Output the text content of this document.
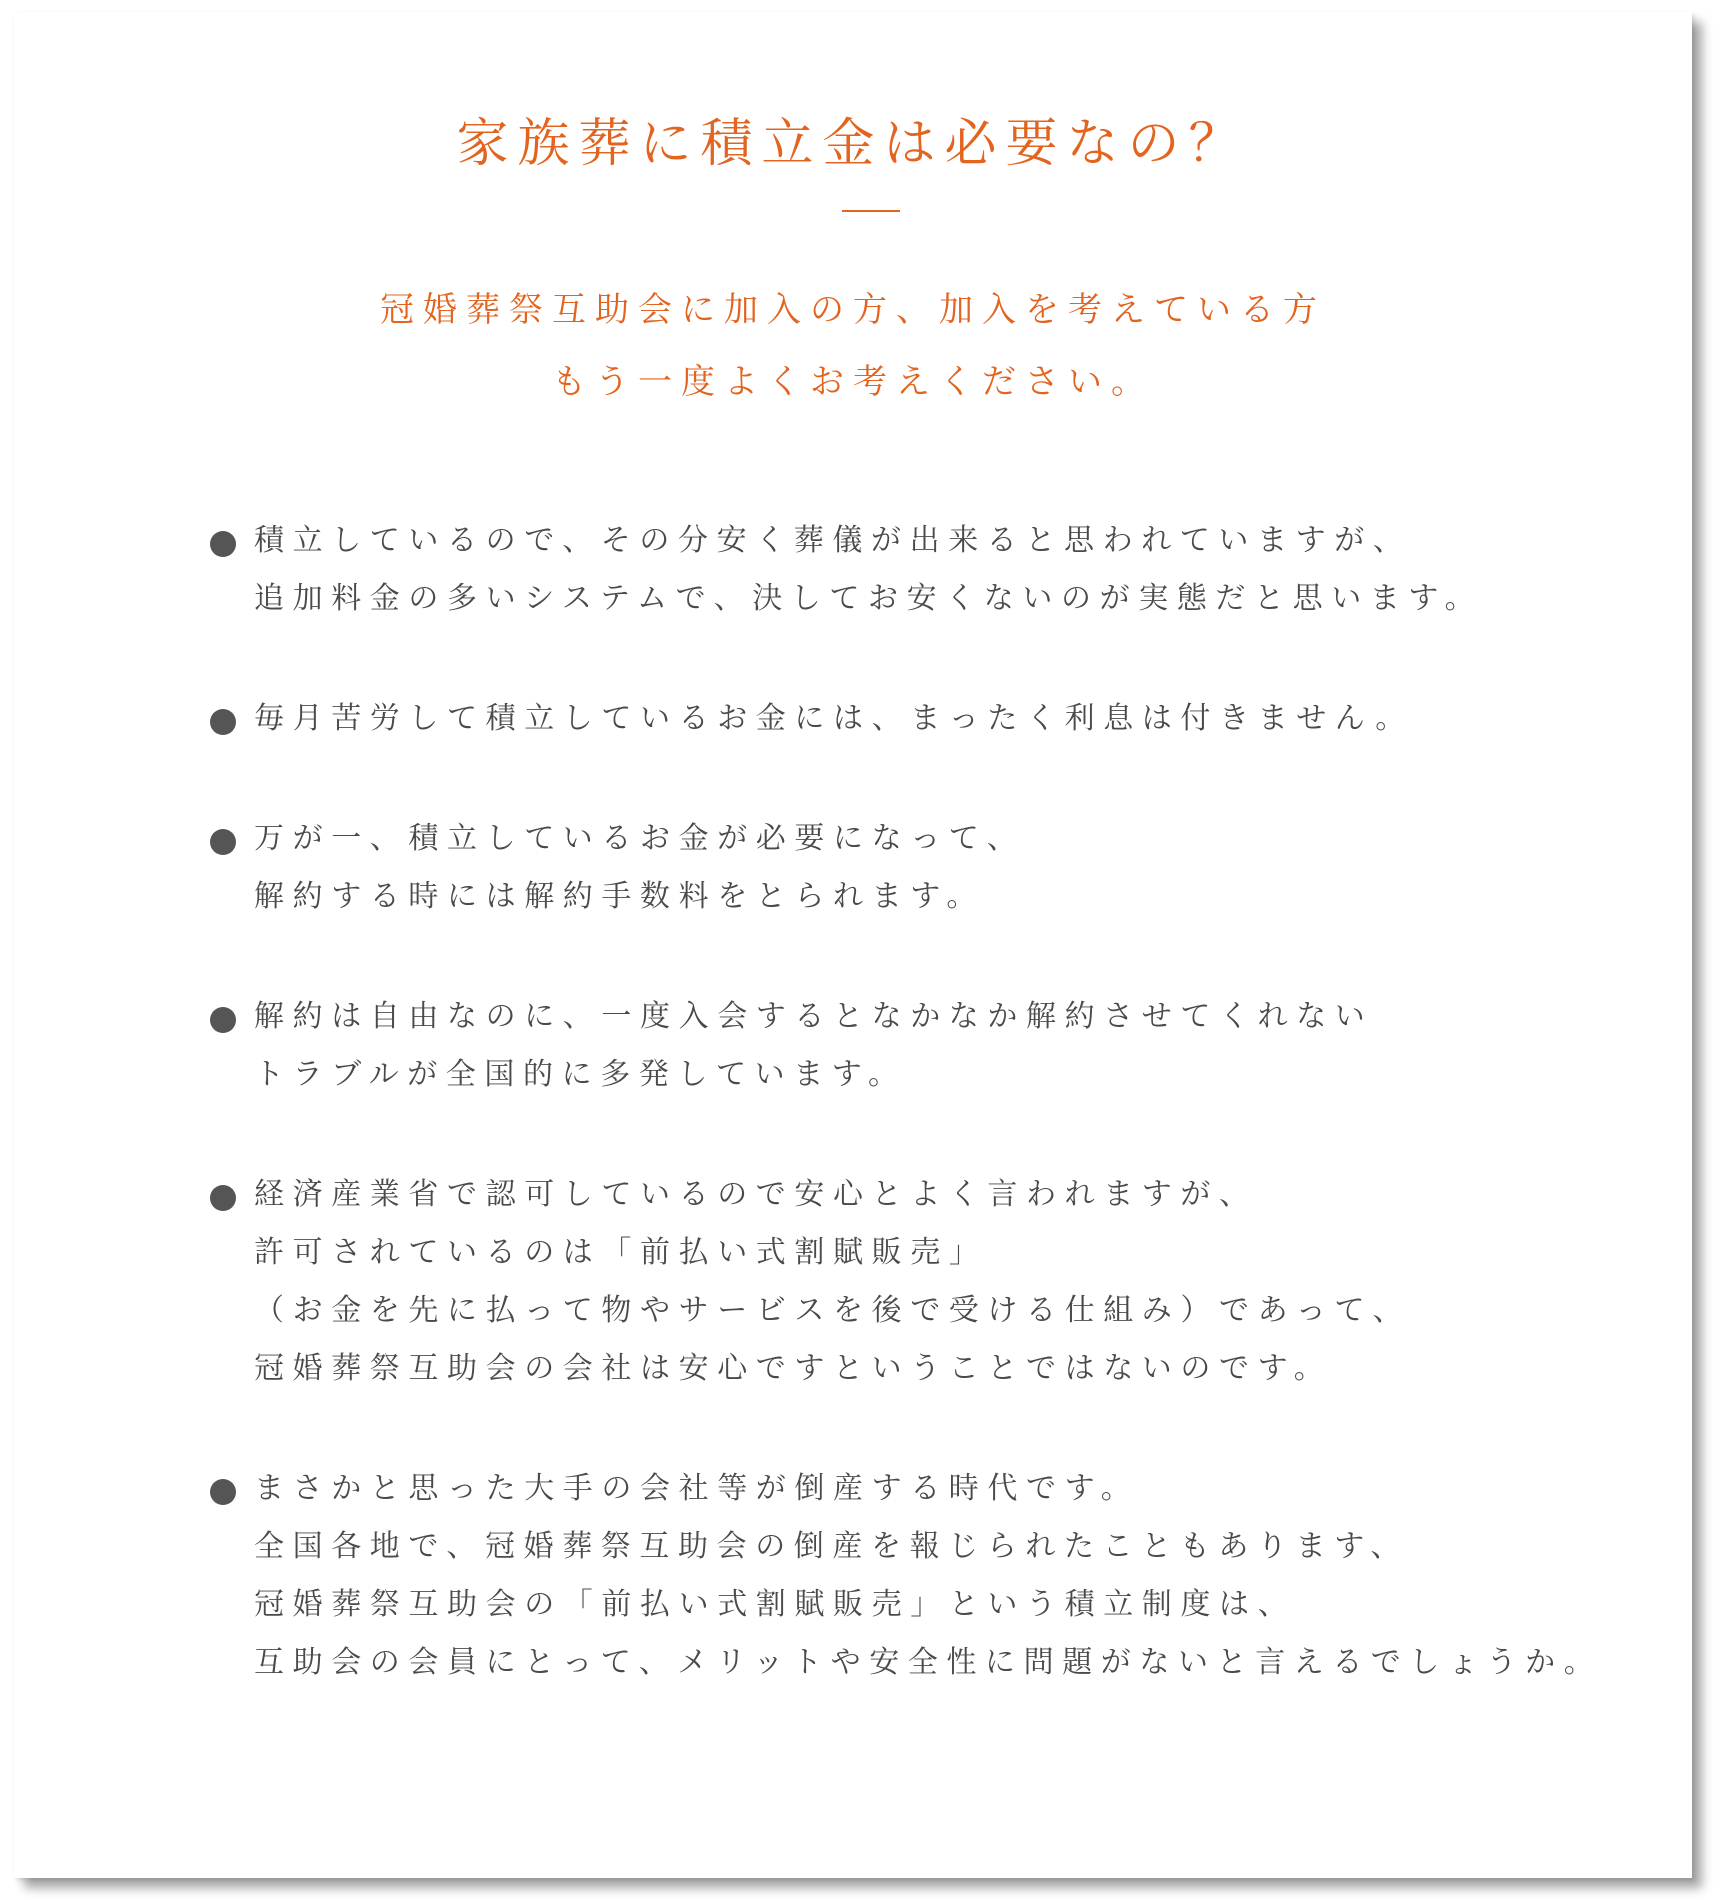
家族葬に積立金は必要なの？
冠婚葬祭互助会に加入の方、加入を考えている方
もう一度よくお考えください。
積立しているので、その分安く葬儀が出来ると思われていますが、
追加料金の多いシステムで、決してお安くないのが実態だと思います。
毎月苦労して積立しているお金には、まったく利息は付きません。
万が一、積立しているお金が必要になって、
解約する時には解約手数料をとられます。
解約は自由なのに、一度入会するとなかなか解約させてくれない
トラブルが全国的に多発しています。
経済産業省で認可しているので安心とよく言われますが、
許可されているのは「前払い式割賦販売」
（お金を先に払って物やサービスを後で受ける仕組み）であって、
冠婚葬祭互助会の会社は安心ですということではないのです。
まさかと思った大手の会社等が倒産する時代です。
全国各地で、冠婚葬祭互助会の倒産を報じられたこともあります、
冠婚葬祭互助会の「前払い式割賦販売」という積立制度は、
互助会の会員にとって、メリットや安全性に問題がないと言えるでしょうか。
